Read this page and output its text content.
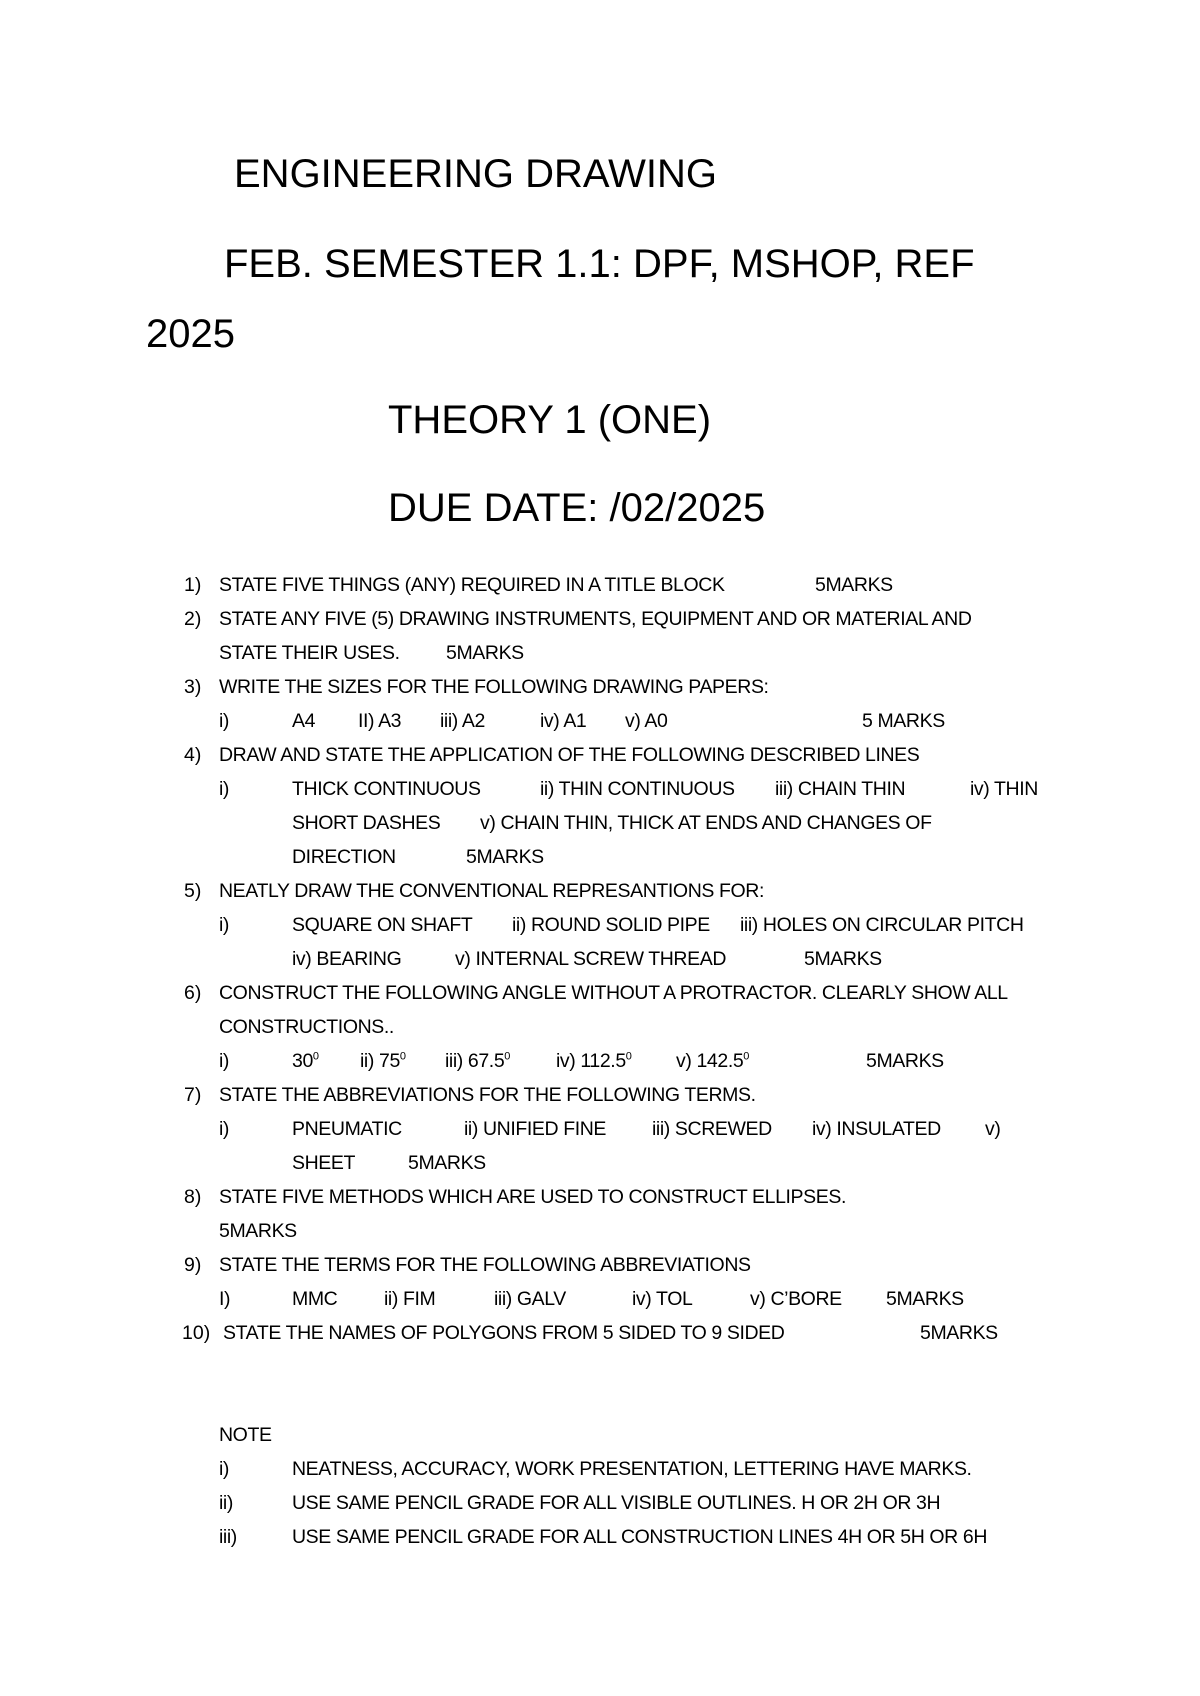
ENGINEERING DRAWING
FEB. SEMESTER 1.1: DPF, MSHOP, REF
2025
THEORY 1 (ONE)
DUE DATE: /02/2025
1) STATE FIVE THINGS (ANY) REQUIRED IN A TITLE BLOCK	5MARKS
2) STATE ANY FIVE (5) DRAWING INSTRUMENTS, EQUIPMENT AND OR MATERIAL AND
STATE THEIR USES. 5MARKS
3) WRITE THE SIZES FOR THE FOLLOWING DRAWING PAPERS:
i)	A4 II) A3 iii) A2	iv) A1 v) A0	5 MARKS
4) DRAW AND STATE THE APPLICATION OF THE FOLLOWING DESCRIBED LINES
i)	THICK CONTINUOUS	ii) THIN CONTINUOUS iii) CHAIN THIN	iv) THIN
SHORT DASHES v) CHAIN THIN, THICK AT ENDS AND CHANGES OF
DIRECTION	5MARKS
5) NEATLY DRAW THE CONVENTIONAL REPRESANTIONS FOR:
i)	SQUARE ON SHAFT ii) ROUND SOLID PIPE iii) HOLES ON CIRCULAR PITCH
iv) BEARING	v) INTERNAL SCREW THREAD	5MARKS
6) CONSTRUCT THE FOLLOWING ANGLE WITHOUT A PROTRACTOR. CLEARLY SHOW ALL
CONSTRUCTIONS..
i)	$30^0$ ii) $75^0$ iii) 67.5$^0$ iv) 112.5$^0$ v) 142.5$^0$	5MARKS
7) STATE THE ABBREVIATIONS FOR THE FOLLOWING TERMS.
i)	PNEUMATIC	ii) UNIFIED FINE iii) SCREWED iv) INSULATED v)
SHEET	5MARKS
8) STATE FIVE METHODS WHICH ARE USED TO CONSTRUCT ELLIPSES.
5MARKS
9) STATE THE TERMS FOR THE FOLLOWING ABBREVIATIONS
I)	MMC ii) FIM	iii) GALV	iv) TOL	v) C’BORE 5MARKS
10) STATE THE NAMES OF POLYGONS FROM 5 SIDED TO 9 SIDED	5MARKS
NOTE
i)	NEATNESS, ACCURACY, WORK PRESENTATION, LETTERING HAVE MARKS.
ii)	USE SAME PENCIL GRADE FOR ALL VISIBLE OUTLINES. H OR 2H OR 3H
iii)	USE SAME PENCIL GRADE FOR ALL CONSTRUCTION LINES 4H OR 5H OR 6H
